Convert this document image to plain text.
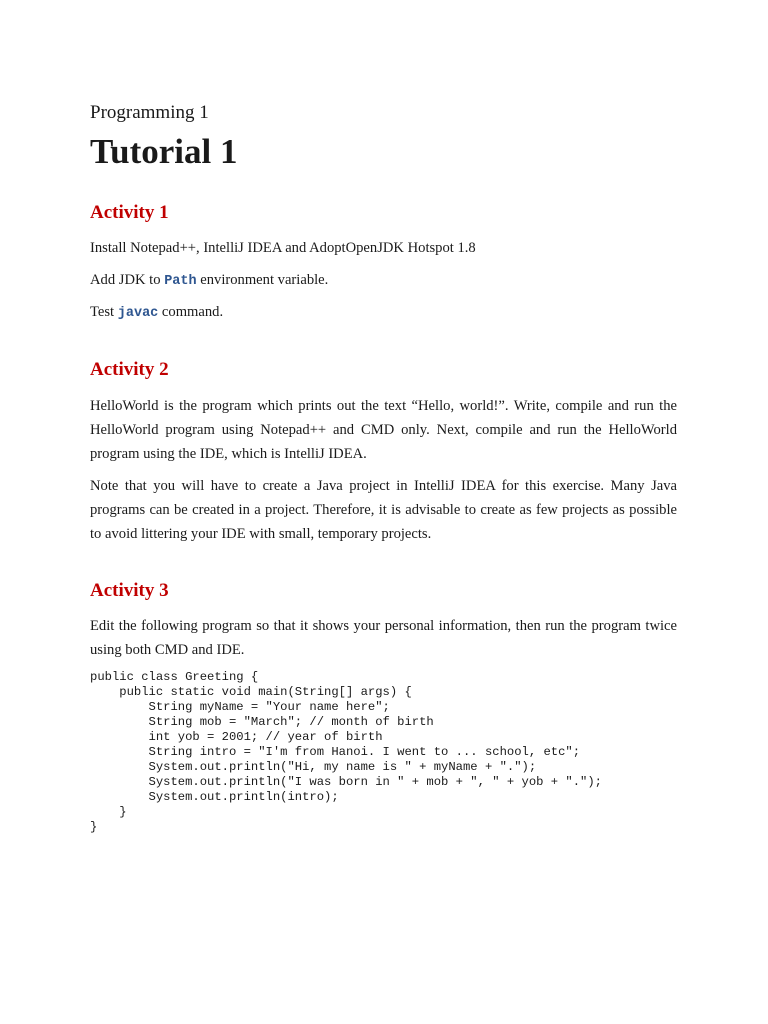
Programming 1

Tutorial 1
Activity 1

Install Notepad++, IntelliJ IDEA and AdoptOpenJDK Hotspot 1.8

Add JDK to Path environment variable.

Test javac command.

Activity 2

HelloWorld is the program which prints out the text “Hello, world!”. Write, compile and run the HelloWorld program using Notepad++ and CMD only. Next, compile and run the HelloWorld program using the IDE, which is IntelliJ IDEA.

Note that you will have to create a Java project in IntelliJ IDEA for this exercise. Many Java programs can be created in a project. Therefore, it is advisable to create as few projects as possible to avoid littering your IDE with small, temporary projects.

Activity 3

Edit the following program so that it shows your personal information, then run the program twice using both CMD and IDE.

public class Greeting {
public static void main(String[] args) {
String myName = "Your name here";
String mob = "March"; // month of birth
int yob = 2001; // year of birth
String intro = "I'm from Hanoi. I went to ... school, etc";
System.out.println("Hi, my name is " + myName + ".");
System.out.println("I was born in " + mob + ", " + yob + ".");
System.out.println(intro);
}
}
